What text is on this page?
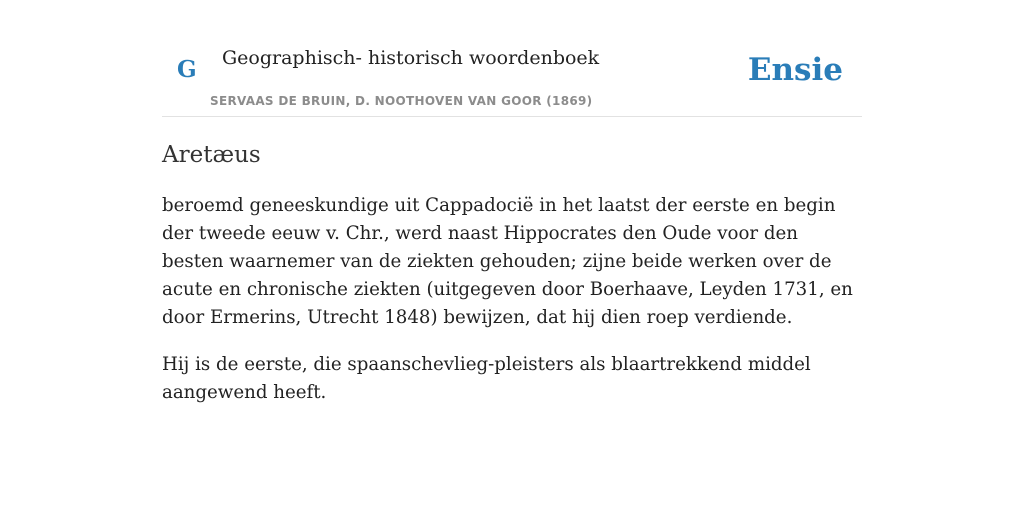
G Geographisch- historisch woordenboek
SERVAAS DE BRUIN, D. NOOTHOVEN VAN GOOR (1869)
Ensie
Aretæus

beroemd geneeskundige uit Cappadocië in het laatst der eerste en begin der tweede eeuw v. Chr., werd naast Hippocrates den Oude voor den besten waarnemer van de ziekten gehouden; zijne beide werken over de acute en chronische ziekten (uitgegeven door Boerhaave, Leyden 1731, en door Ermerins, Utrecht 1848) bewijzen, dat hij dien roep verdiende.

Hij is de eerste, die spaanschevlieg-pleisters als blaartrekkend middel aangewend heeft.
